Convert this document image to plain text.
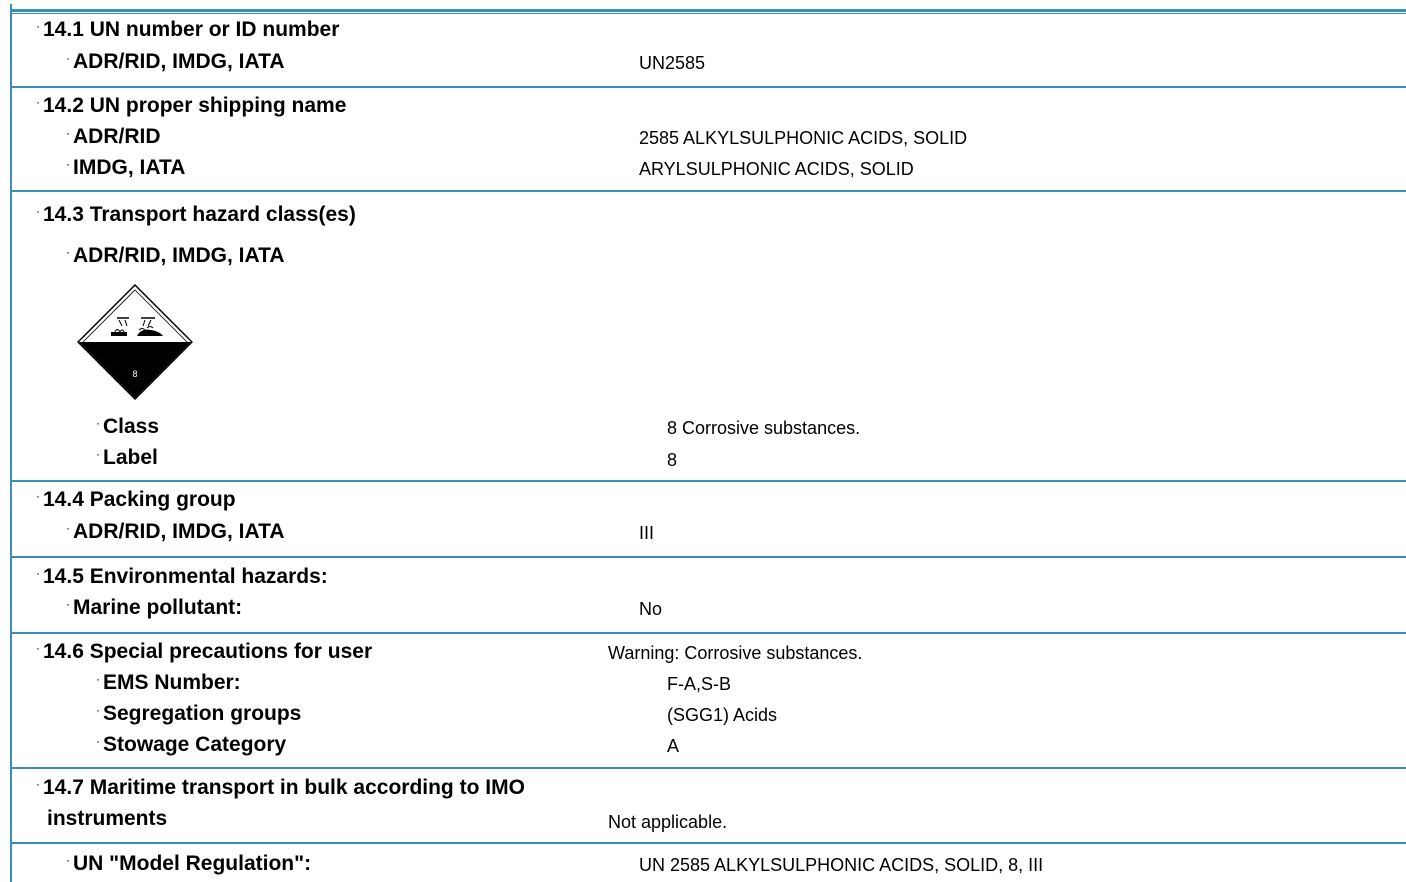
· 14.1 UN number or ID number
· ADR/RID, IMDG, IATA	UN2585
· 14.2 UN proper shipping name
· ADR/RID	2585 ALKYLSULPHONIC ACIDS, SOLID
· IMDG, IATA	ARYLSULPHONIC ACIDS, SOLID
· 14.3 Transport hazard class(es)
· ADR/RID, IMDG, IATA
8
· Class	8 Corrosive substances.
· Label	8
· 14.4 Packing group
· ADR/RID, IMDG, IATA	III
· 14.5 Environmental hazards:
· Marine pollutant:	No
· 14.6 Special precautions for user	Warning: Corrosive substances.
· EMS Number:	F-A,S-B
· Segregation groups	(SGG1) Acids
· Stowage Category	A
· 14.7 Maritime transport in bulk according to IMO
instruments	Not applicable.
· UN "Model Regulation":	UN 2585 ALKYLSULPHONIC ACIDS, SOLID, 8, III
